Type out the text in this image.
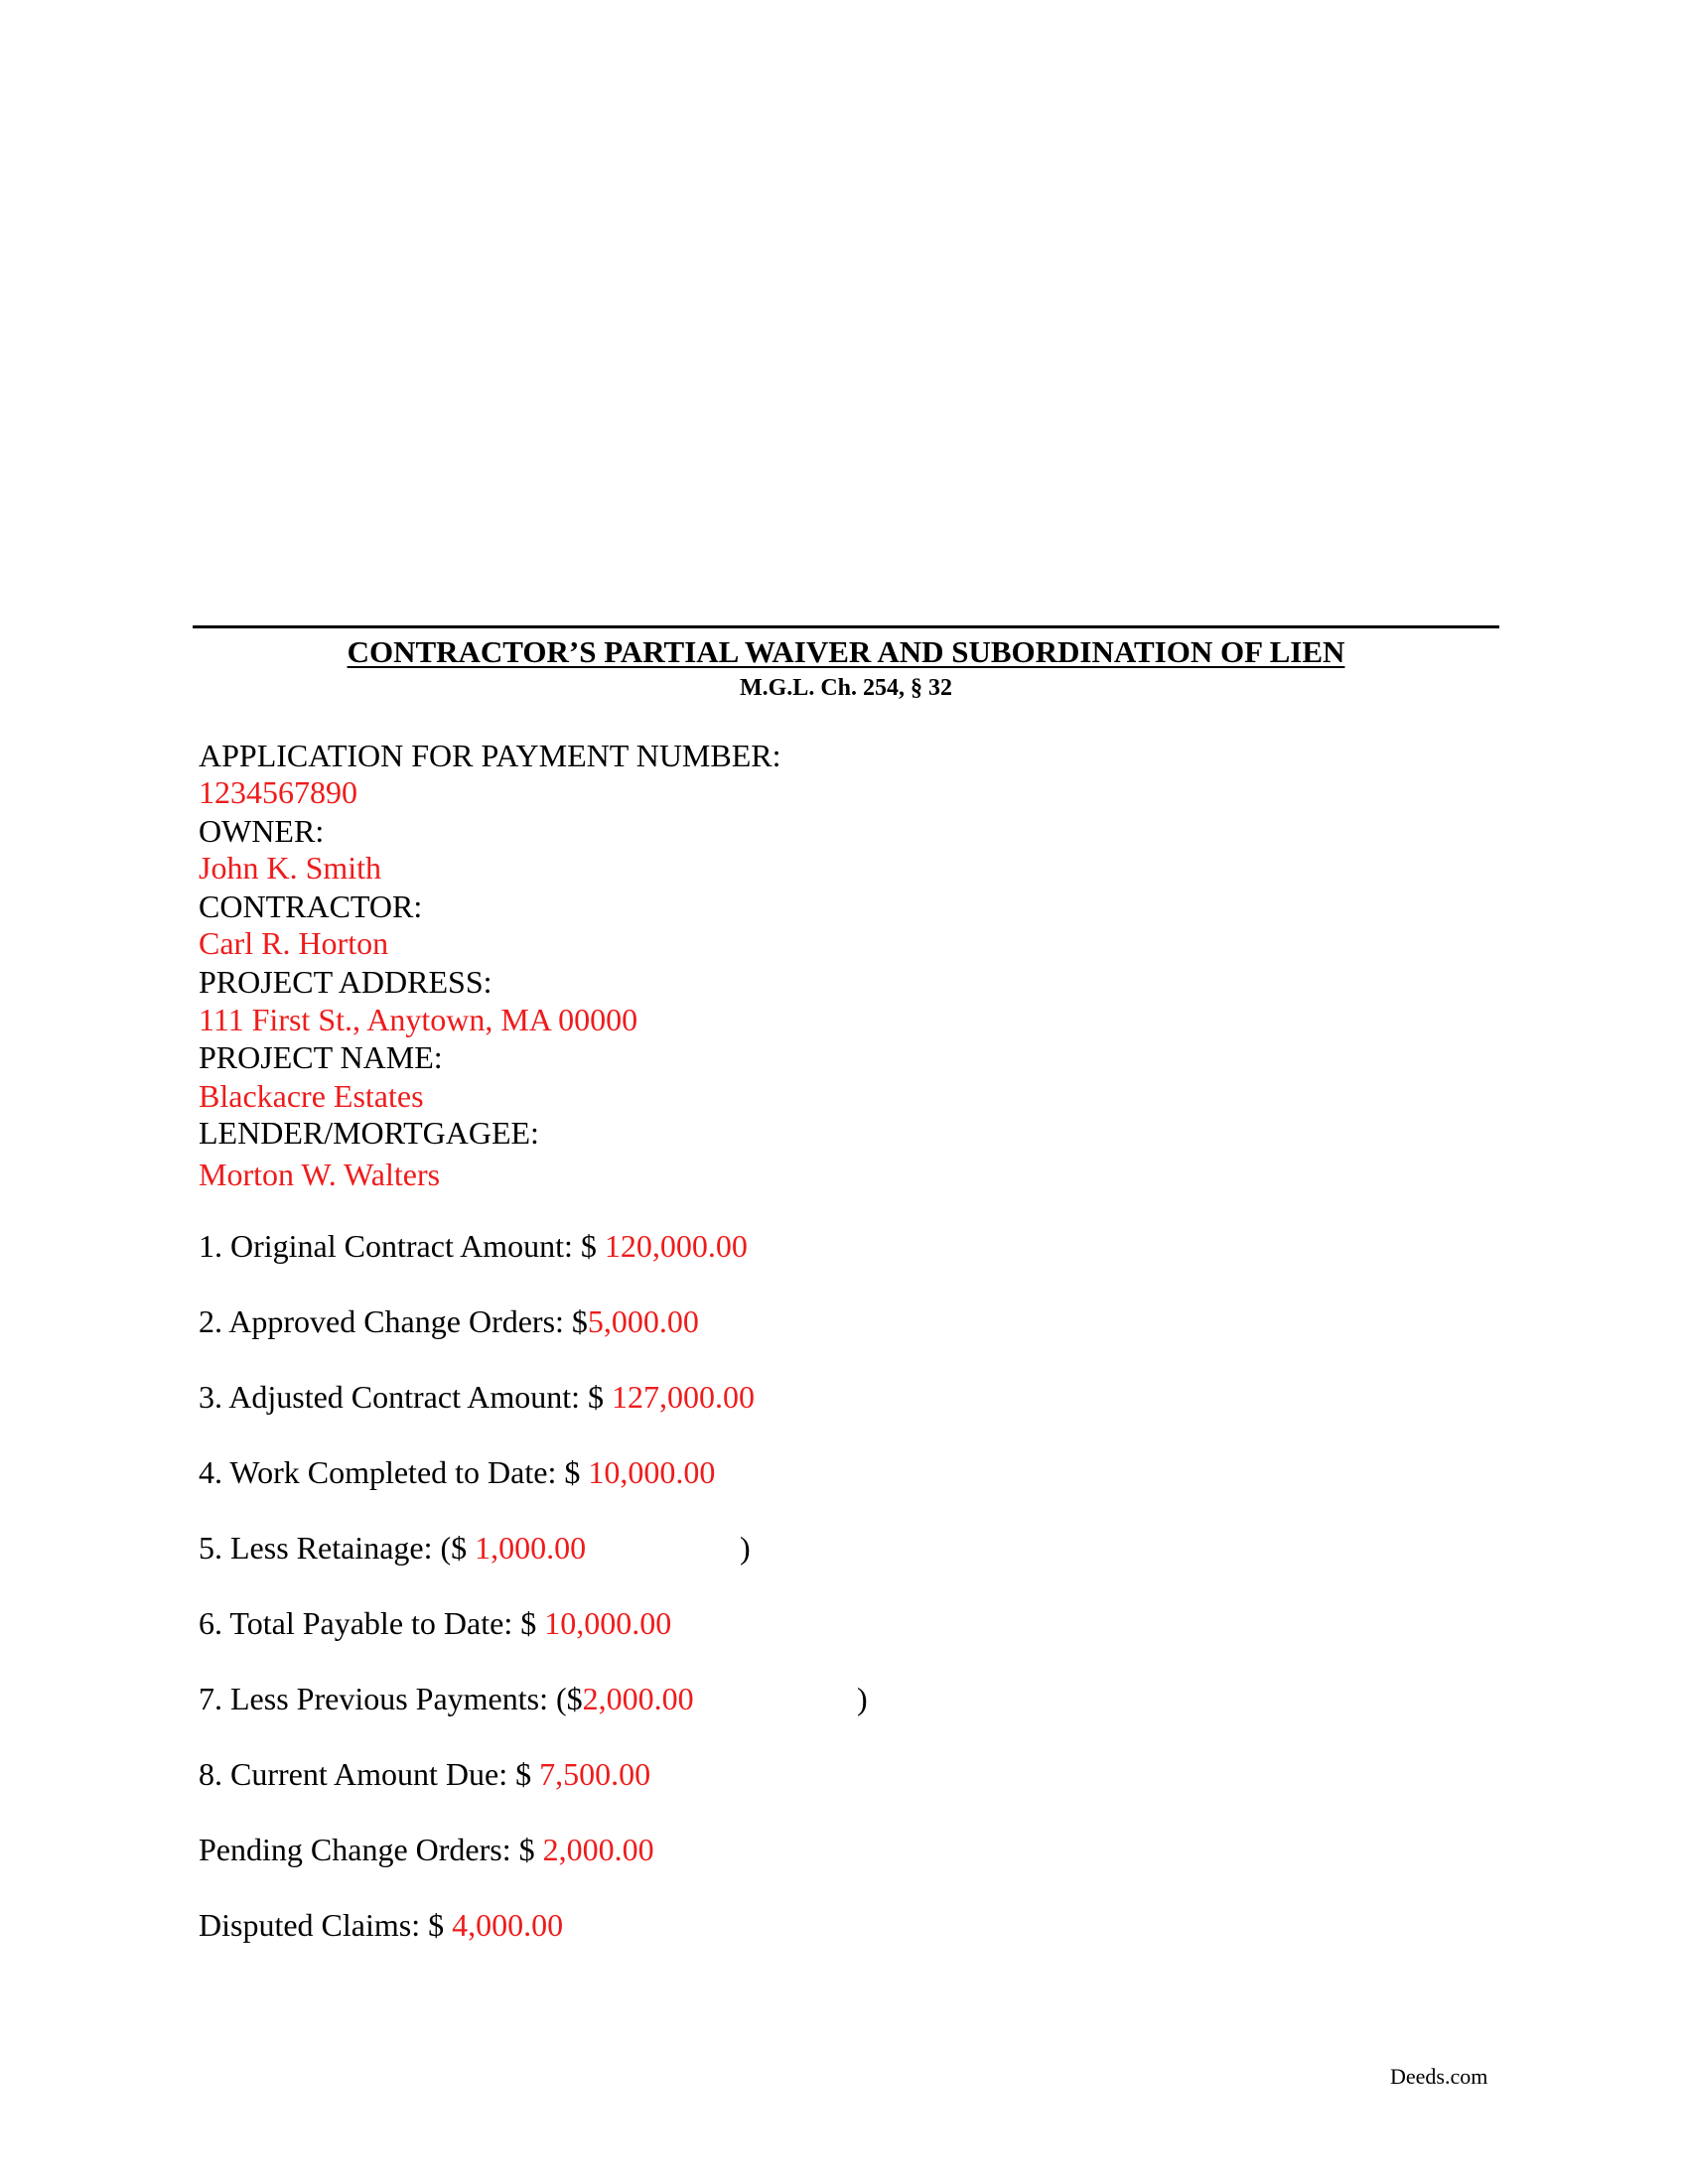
CONTRACTOR’S PARTIAL WAIVER AND SUBORDINATION OF LIEN
M.G.L. Ch. 254, § 32
APPLICATION FOR PAYMENT NUMBER:
1234567890
OWNER:
John K. Smith
CONTRACTOR:
Carl R. Horton
PROJECT ADDRESS:
111 First St., Anytown, MA 00000
PROJECT NAME:
Blackacre Estates
LENDER/MORTGAGEE:
Morton W. Walters
1. Original Contract Amount: $ 120,000.00
2. Approved Change Orders: $5,000.00
3. Adjusted Contract Amount: $ 127,000.00
4. Work Completed to Date: $ 10,000.00
5. Less Retainage: ($ 1,000.00	)
6. Total Payable to Date: $ 10,000.00
7. Less Previous Payments: ($2,000.00	)
8. Current Amount Due: $ 7,500.00
Pending Change Orders: $ 2,000.00
Disputed Claims: $ 4,000.00
Deeds.com
